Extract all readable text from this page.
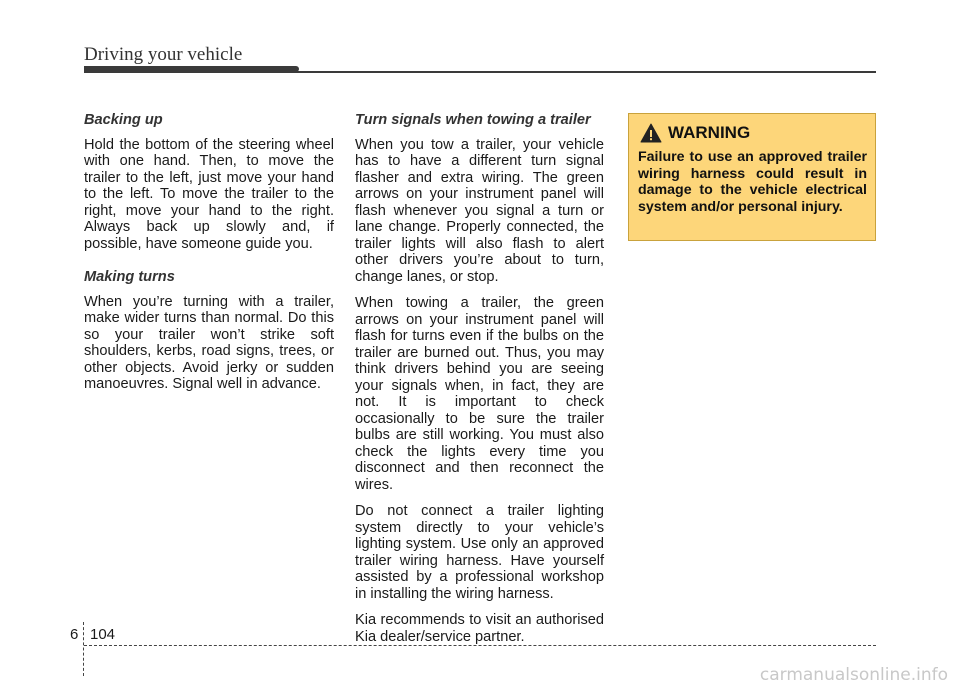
Driving your vehicle
Backing up

Hold the bottom of the steering wheel with one hand. Then, to move the trailer to the left, just move your hand to the left. To move the trailer to the right, move your hand to the right. Always back up slowly and, if possible, have someone guide you.

Making turns

When you’re turning with a trailer, make wider turns than normal. Do this so your trailer won’t strike soft shoulders, kerbs, road signs, trees, or other objects. Avoid jerky or sudden manoeuvres. Signal well in advance.

Turn signals when towing a trailer

When you tow a trailer, your vehicle has to have a different turn signal flasher and extra wiring. The green arrows on your instrument panel will flash whenever you signal a turn or lane change. Properly connected, the trailer lights will also flash to alert other drivers you’re about to turn, change lanes, or stop.

When towing a trailer, the green arrows on your instrument panel will flash for turns even if the bulbs on the trailer are burned out. Thus, you may think drivers behind you are seeing your signals when, in fact, they are not. It is important to check occasionally to be sure the trailer bulbs are still working. You must also check the lights every time you disconnect and then reconnect the wires.

Do not connect a trailer lighting system directly to your vehicle’s lighting system. Use only an approved trailer wiring harness. Have yourself assisted by a professional workshop in installing the wiring harness.

Kia recommends to visit an authorised Kia dealer/service partner.

WARNING

Failure to use an approved trailer wiring harness could result in damage to the vehicle electrical system and/or personal injury.

6 104
carmanualsonline.info
